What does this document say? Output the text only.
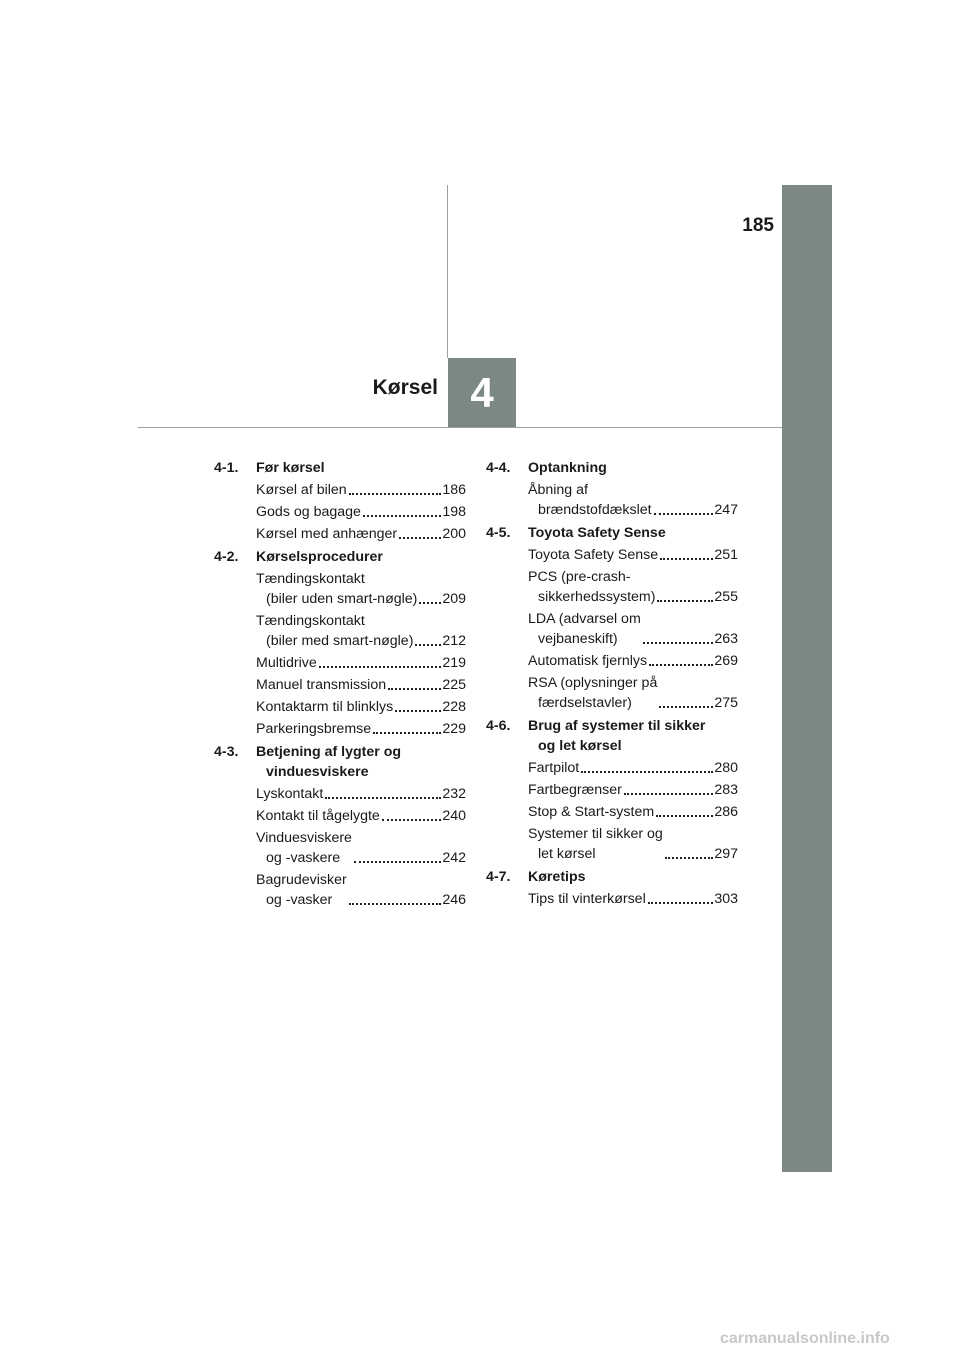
185
Kørsel 4
4-1.	Før kørsel
Kørsel af bilen	186
Gods og bagage	198
Kørsel med anhænger	200
4-2.	Kørselsprocedurer
Tændingskontakt
(biler uden smart-nøgle) 209
Tændingskontakt
(biler med smart-nøgle) 212
Multidrive	219
Manuel transmission	225
Kontaktarm til blinklys	228
Parkeringsbremse	229
4-3.	Betjening af lygter og
vinduesviskere
Lyskontakt	232
Kontakt til tågelygte	240
Vinduesviskere
og -vaskere	242
Bagrudevisker
og -vasker	246
4-4.	Optankning
Åbning af
brændstofdækslet	247
4-5.	Toyota Safety Sense
Toyota Safety Sense	251
PCS (pre-crash-
sikkerhedssystem)	255
LDA (advarsel om
vejbaneskift)	263
Automatisk fjernlys	269
RSA (oplysninger på
færdselstavler)	275
4-6.	Brug af systemer til sikker
og let kørsel
Fartpilot	280
Fartbegrænser	283
Stop & Start-system	286
Systemer til sikker og
let kørsel	297
4-7.	Køretips
Tips til vinterkørsel	303
carmanualsonline.info
